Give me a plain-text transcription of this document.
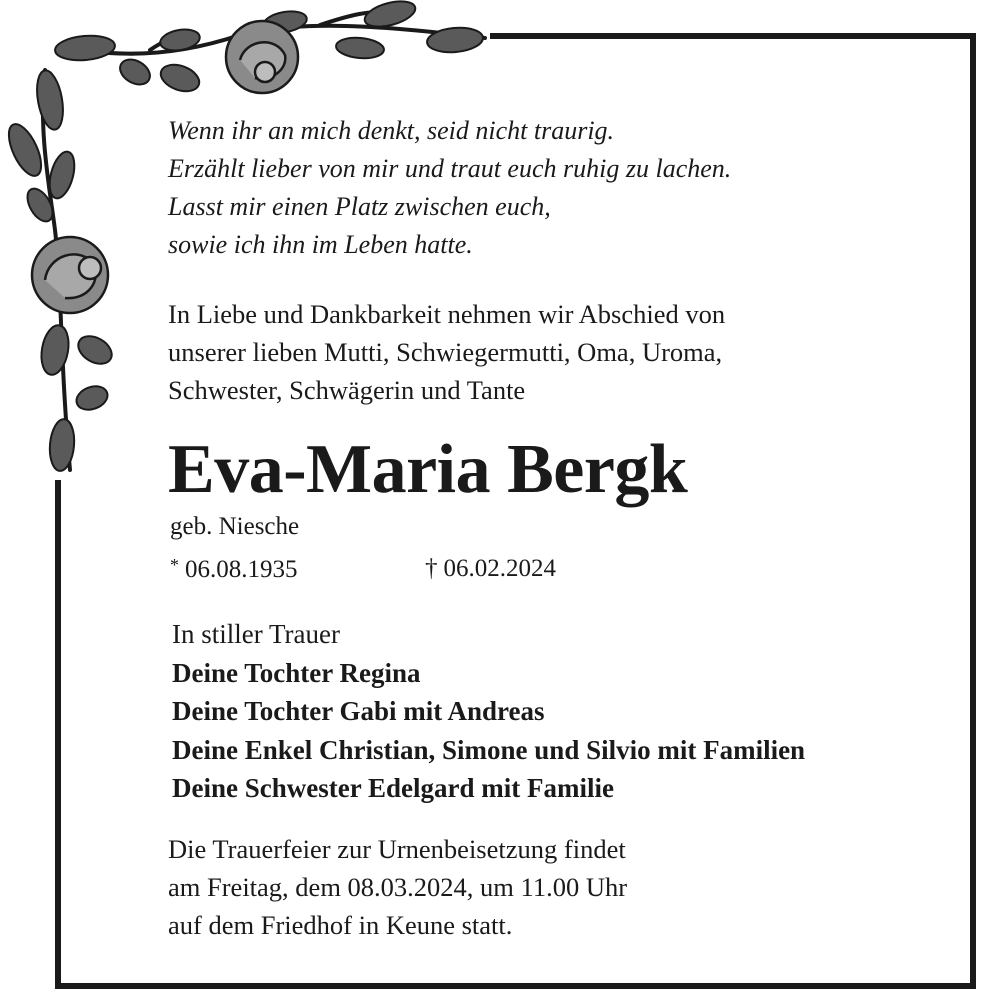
Wenn ihr an mich denkt, seid nicht traurig.
Erzählt lieber von mir und traut euch ruhig zu lachen.
Lasst mir einen Platz zwischen euch,
sowie ich ihn im Leben hatte.
In Liebe und Dankbarkeit nehmen wir Abschied von
unserer lieben Mutti, Schwiegermutti, Oma, Uroma,
Schwester, Schwägerin und Tante
Eva-Maria Bergk
geb. Niesche
* 06.08.1935	† 06.02.2024
In stiller Trauer
Deine Tochter Regina
Deine Tochter Gabi mit Andreas
Deine Enkel Christian, Simone und Silvio mit Familien
Deine Schwester Edelgard mit Familie
Die Trauerfeier zur Urnenbeisetzung findet
am Freitag, dem 08.03.2024, um 11.00 Uhr
auf dem Friedhof in Keune statt.
